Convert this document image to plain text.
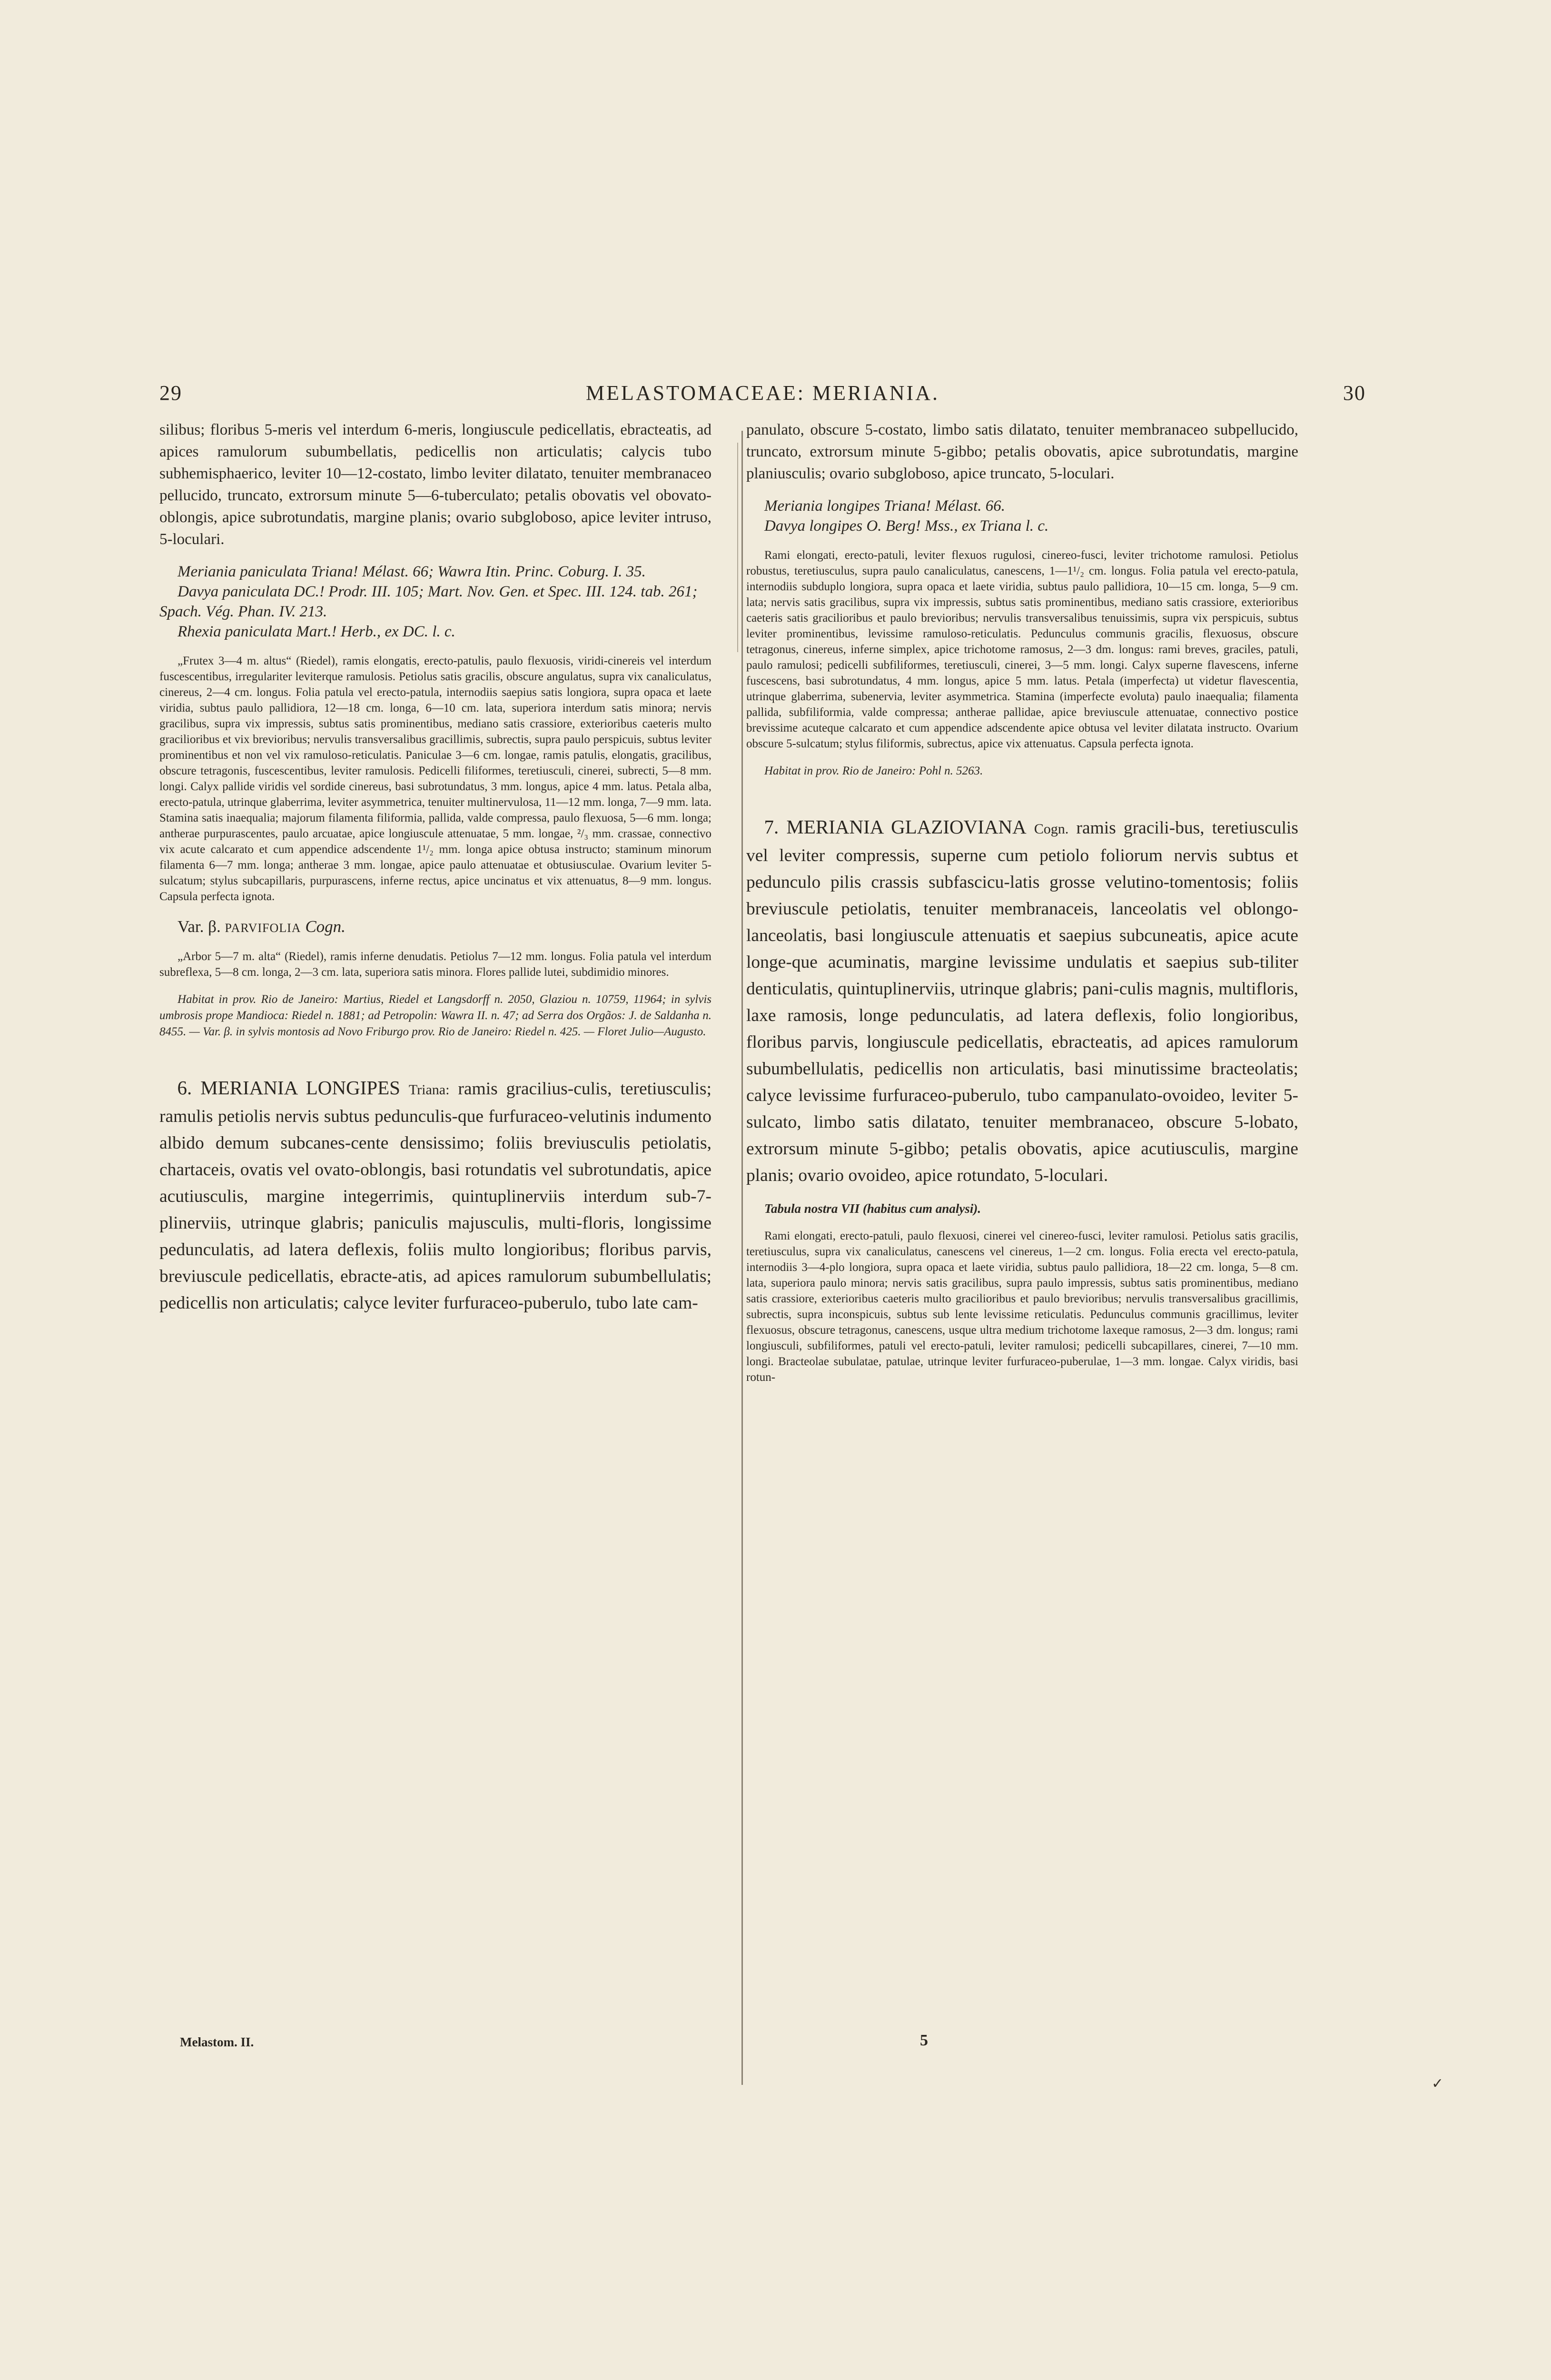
29	MELASTOMACEAE: MERIANIA.	30

silibus; floribus 5-meris vel interdum 6-meris, longiuscule pedicellatis, ebracteatis, ad apices ramulorum subumbellatis, pedicellis non articulatis; calycis tubo subhemisphaerico, leviter 10—12-costato, limbo leviter dilatato, tenuiter membranaceo pellucido, truncato, extrorsum minute 5—6-tuberculato; petalis obovatis vel obovato-oblongis, apice subrotundatis, margine planis; ovario subgloboso, apice leviter intruso, 5-loculari.

Meriania paniculata Triana! Mélast. 66; Wawra Itin. Princ. Coburg. I. 35.
Davya paniculata DC.! Prodr. III. 105; Mart. Nov. Gen. et Spec. III. 124. tab. 261; Spach. Vég. Phan. IV. 213.
Rhexia paniculata Mart.! Herb., ex DC. l. c.

„Frutex 3—4 m. altus“ (Riedel), ramis elongatis, erecto-patulis, paulo flexuosis, viridi-cinereis vel interdum fuscescentibus, irregulariter leviterque ramulosis. Petiolus satis gracilis, obscure angulatus, supra vix canaliculatus, cinereus, 2—4 cm. longus. Folia patula vel erecto-patula, internodiis saepius satis longiora, supra opaca et laete viridia, subtus paulo pallidiora, 12—18 cm. longa, 6—10 cm. lata, superiora interdum satis minora; nervis gracilibus, supra vix impressis, subtus satis prominentibus, mediano satis crassiore, exterioribus caeteris multo gracilioribus et vix brevioribus; nervulis transversalibus gracillimis, subrectis, supra paulo perspicuis, subtus leviter prominentibus et non vel vix ramuloso-reticulatis. Paniculae 3—6 cm. longae, ramis patulis, elongatis, gracilibus, obscure tetragonis, fuscescentibus, leviter ramulosis. Pedicelli filiformes, teretiusculi, cinerei, subrecti, 5—8 mm. longi. Calyx pallide viridis vel sordide cinereus, basi subrotundatus, 3 mm. longus, apice 4 mm. latus. Petala alba, erecto-patula, utrinque glaberrima, leviter asymmetrica, tenuiter multinervulosa, 11—12 mm. longa, 7—9 mm. lata. Stamina satis inaequalia; majorum filamenta filiformia, pallida, valde compressa, paulo flexuosa, 5—6 mm. longa; antherae purpurascentes, paulo arcuatae, apice longiuscule attenuatae, 5 mm. longae, ²/₃ mm. crassae, connectivo vix acute calcarato et cum appendice adscendente 1¹/₂ mm. longa apice obtusa instructo; staminum minorum filamenta 6—7 mm. longa; antherae 3 mm. longae, apice paulo attenuatae et obtusiusculae. Ovarium leviter 5-sulcatum; stylus subcapillaris, purpurascens, inferne rectus, apice uncinatus et vix attenuatus, 8—9 mm. longus. Capsula perfecta ignota.

Var. β. PARVIFOLIA Cogn.

„Arbor 5—7 m. alta“ (Riedel), ramis inferne denudatis. Petiolus 7—12 mm. longus. Folia patula vel interdum subreflexa, 5—8 cm. longa, 2—3 cm. lata, superiora satis minora. Flores pallide lutei, subdimidio minores.

Habitat in prov. Rio de Janeiro: Martius, Riedel et Langsdorff n. 2050, Glaziou n. 10759, 11964; in sylvis umbrosis prope Mandioca: Riedel n. 1881; ad Petropolin: Wawra II. n. 47; ad Serra dos Orgãos: J. de Saldanha n. 8455. — Var. β. in sylvis montosis ad Novo Friburgo prov. Rio de Janeiro: Riedel n. 425. — Floret Julio—Augusto.

 6. MERIANIA LONGIPES Triana: ramis gracilius-culis, teretiusculis; ramulis petiolis nervis subtus pedunculis-que furfuraceo-velutinis indumento albido demum subcanes-cente densissimo; foliis breviusculis petiolatis, chartaceis, ovatis vel ovato-oblongis, basi rotundatis vel subrotundatis, apice acutiusculis, margine integerrimis, quintuplinerviis interdum sub-7-plinerviis, utrinque glabris; paniculis majusculis, multi-floris, longissime pedunculatis, ad latera deflexis, foliis multo longioribus; floribus parvis, breviuscule pedicellatis, ebracte-atis, ad apices ramulorum subumbellulatis; pedicellis non articulatis; calyce leviter furfuraceo-puberulo, tubo late cam-

Melastom. II.

panulato, obscure 5-costato, limbo satis dilatato, tenuiter membranaceo subpellucido, truncato, extrorsum minute 5-gibbo; petalis obovatis, apice subrotundatis, margine planiusculis; ovario subgloboso, apice truncato, 5-loculari.

Meriania longipes Triana! Mélast. 66.
Davya longipes O. Berg! Mss., ex Triana l. c.

Rami elongati, erecto-patuli, leviter flexuos rugulosi, cinereo-fusci, leviter trichotome ramulosi. Petiolus robustus, teretiusculus, supra paulo canaliculatus, canescens, 1—1¹/₂ cm. longus. Folia patula vel erecto-patula, internodiis subduplo longiora, supra opaca et laete viridia, subtus paulo pallidiora, 10—15 cm. longa, 5—9 cm. lata; nervis satis gracilibus, supra vix impressis, subtus satis prominentibus, mediano satis crassiore, exterioribus caeteris satis gracilioribus et paulo brevioribus; nervulis transversalibus tenuissimis, supra vix perspicuis, subtus leviter prominentibus, levissime ramuloso-reticulatis. Pedunculus communis gracilis, flexuosus, obscure tetragonus, cinereus, inferne simplex, apice trichotome ramosus, 2—3 dm. longus: rami breves, graciles, patuli, paulo ramulosi; pedicelli subfiliformes, teretiusculi, cinerei, 3—5 mm. longi. Calyx superne flavescens, inferne fuscescens, basi subrotundatus, 4 mm. longus, apice 5 mm. latus. Petala (imperfecta) ut videtur flavescentia, utrinque glaberrima, subenervia, leviter asymmetrica. Stamina (imperfecte evoluta) paulo inaequalia; filamenta pallida, subfiliformia, valde compressa; antherae pallidae, apice breviuscule attenuatae, connectivo postice brevissime acuteque calcarato et cum appendice adscendente apice obtusa vel leviter dilatata instructo. Ovarium obscure 5-sulcatum; stylus filiformis, subrectus, apice vix attenuatus. Capsula perfecta ignota.

Habitat in prov. Rio de Janeiro: Pohl n. 5263.

 7. MERIANIA GLAZIOVIANA Cogn. ramis gracili-bus, teretiusculis vel leviter compressis, superne cum petiolo foliorum nervis subtus et pedunculo pilis crassis subfascicu-latis grosse velutino-tomentosis; foliis breviuscule petiolatis, tenuiter membranaceis, lanceolatis vel oblongo-lanceolatis, basi longiuscule attenuatis et saepius subcuneatis, apice acute longe-que acuminatis, margine levissime undulatis et saepius sub-tiliter denticulatis, quintuplinerviis, utrinque glabris; pani-culis magnis, multifloris, laxe ramosis, longe pedunculatis, ad latera deflexis, folio longioribus, floribus parvis, longiuscule pedicellatis, ebracteatis, ad apices ramulorum subumbellulatis, pedicellis non articulatis, basi minutissime bracteolatis; calyce levissime furfuraceo-puberulo, tubo campanulato-ovoideo, leviter 5-sulcato, limbo satis dilatato, tenuiter membranaceo, obscure 5-lobato, extrorsum minute 5-gibbo; petalis obovatis, apice acutiusculis, margine planis; ovario ovoideo, apice rotundato, 5-loculari.

Tabula nostra VII (habitus cum analysi).

Rami elongati, erecto-patuli, paulo flexuosi, cinerei vel cinereo-fusci, leviter ramulosi. Petiolus satis gracilis, teretiusculus, supra vix canaliculatus, canescens vel cinereus, 1—2 cm. longus. Folia erecta vel erecto-patula, internodiis 3—4-plo longiora, supra opaca et laete viridia, subtus paulo pallidiora, 18—22 cm. longa, 5—8 cm. lata, superiora paulo minora; nervis satis gracilibus, supra paulo impressis, subtus satis prominentibus, mediano satis crassiore, exterioribus caeteris multo gracilioribus et paulo brevioribus; nervulis transversalibus gracillimis, subrectis, supra inconspicuis, subtus sub lente levissime reticulatis. Pedunculus communis gracillimus, leviter flexuosus, obscure tetragonus, canescens, usque ultra medium trichotome laxeque ramosus, 2—3 dm. longus; rami longiusculi, subfiliformes, patuli vel erecto-patuli, leviter ramulosi; pedicelli subcapillares, cinerei, 7—10 mm. longi. Bracteolae subulatae, patulae, utrinque leviter furfuraceo-puberulae, 1—3 mm. longae. Calyx viridis, basi rotun-

5
✓
